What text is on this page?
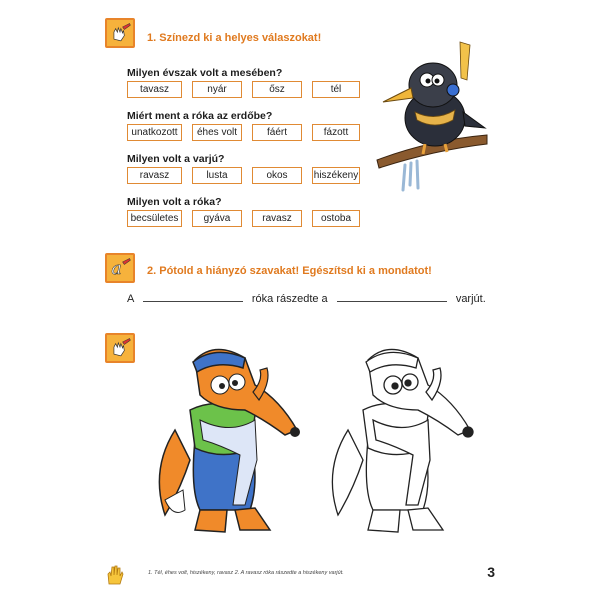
1. Színezd ki a helyes válaszokat!
Milyen évszak volt a mesében?
tavasz	nyár	ősz	tél
Miért ment a róka az erdőbe?
unatkozott	éhes volt	fáért	fázott
Milyen volt a varjú?
ravasz	lusta	okos	hiszékeny
Milyen volt a róka?
becsületes	gyáva	ravasz	ostoba
a 2. Pótold a hiányzó szavakat! Egészítsd ki a mondatot!
A	róka rászedte a	varjút.
1. Tél, éhes volt, hiszékeny, ravasz 2. A ravasz róka rászedte a hiszékeny varjút.	3
